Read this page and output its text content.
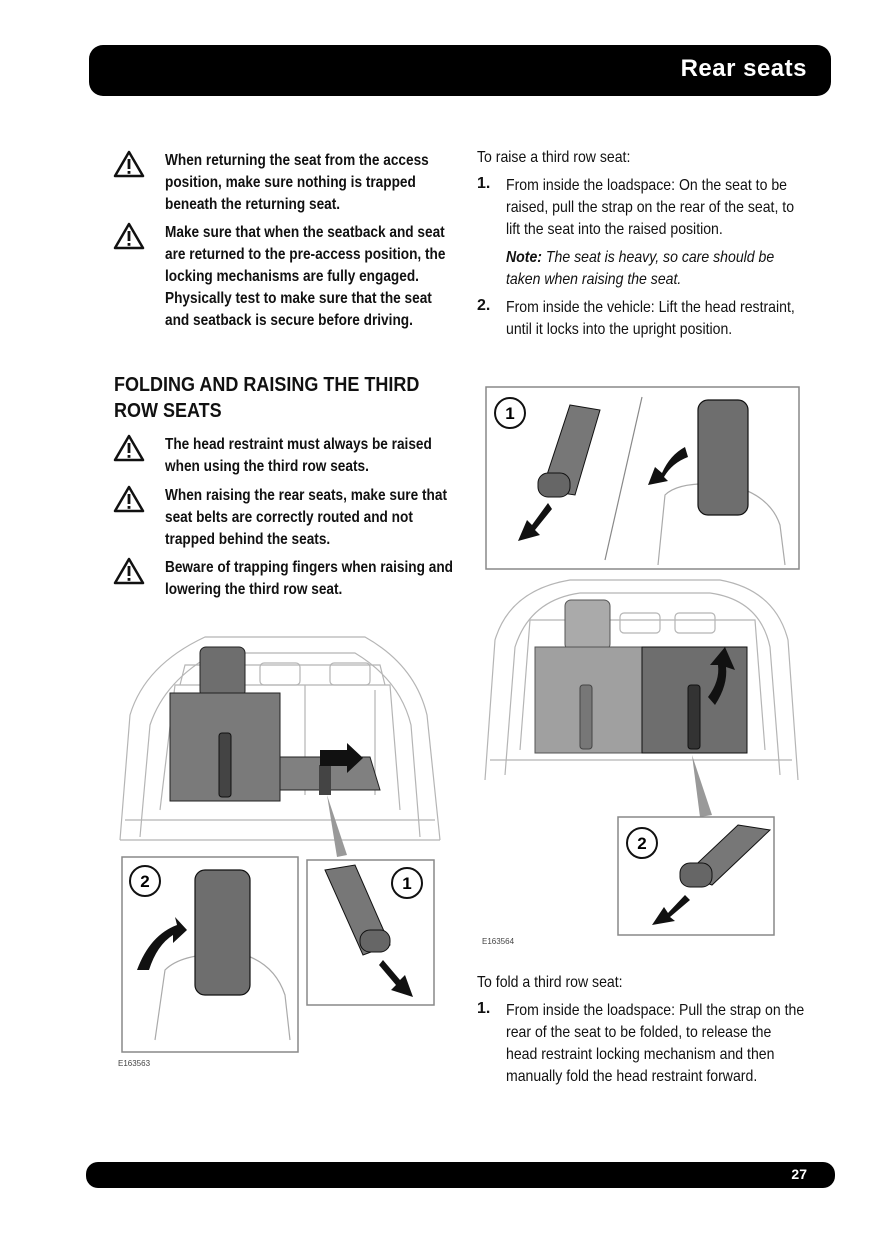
Rear seats
When returning the seat from the access position, make sure nothing is trapped beneath the returning seat.
Make sure that when the seatback and seat are returned to the pre-access position, the locking mechanisms are fully engaged. Physically test to make sure that the seat and seatback is secure before driving.
FOLDING AND RAISING THE THIRD
ROW SEATS
The head restraint must always be raised when using the third row seats.
When raising the rear seats, make sure that seat belts are correctly routed and not trapped behind the seats.
Beware of trapping fingers when raising and lowering the third row seat.
To raise a third row seat:
1. From inside the loadspace: On the seat to be raised, pull the strap on the rear of the seat, to lift the seat into the raised position.
Note: The seat is heavy, so care should be taken when raising the seat.
2. From inside the vehicle: Lift the head restraint, until it locks into the upright position.
To fold a third row seat:
1. From inside the loadspace: Pull the strap on the rear of the seat to be folded, to release the head restraint locking mechanism and then manually fold the head restraint forward.
2	1
E163563
1
2
E163564
27
